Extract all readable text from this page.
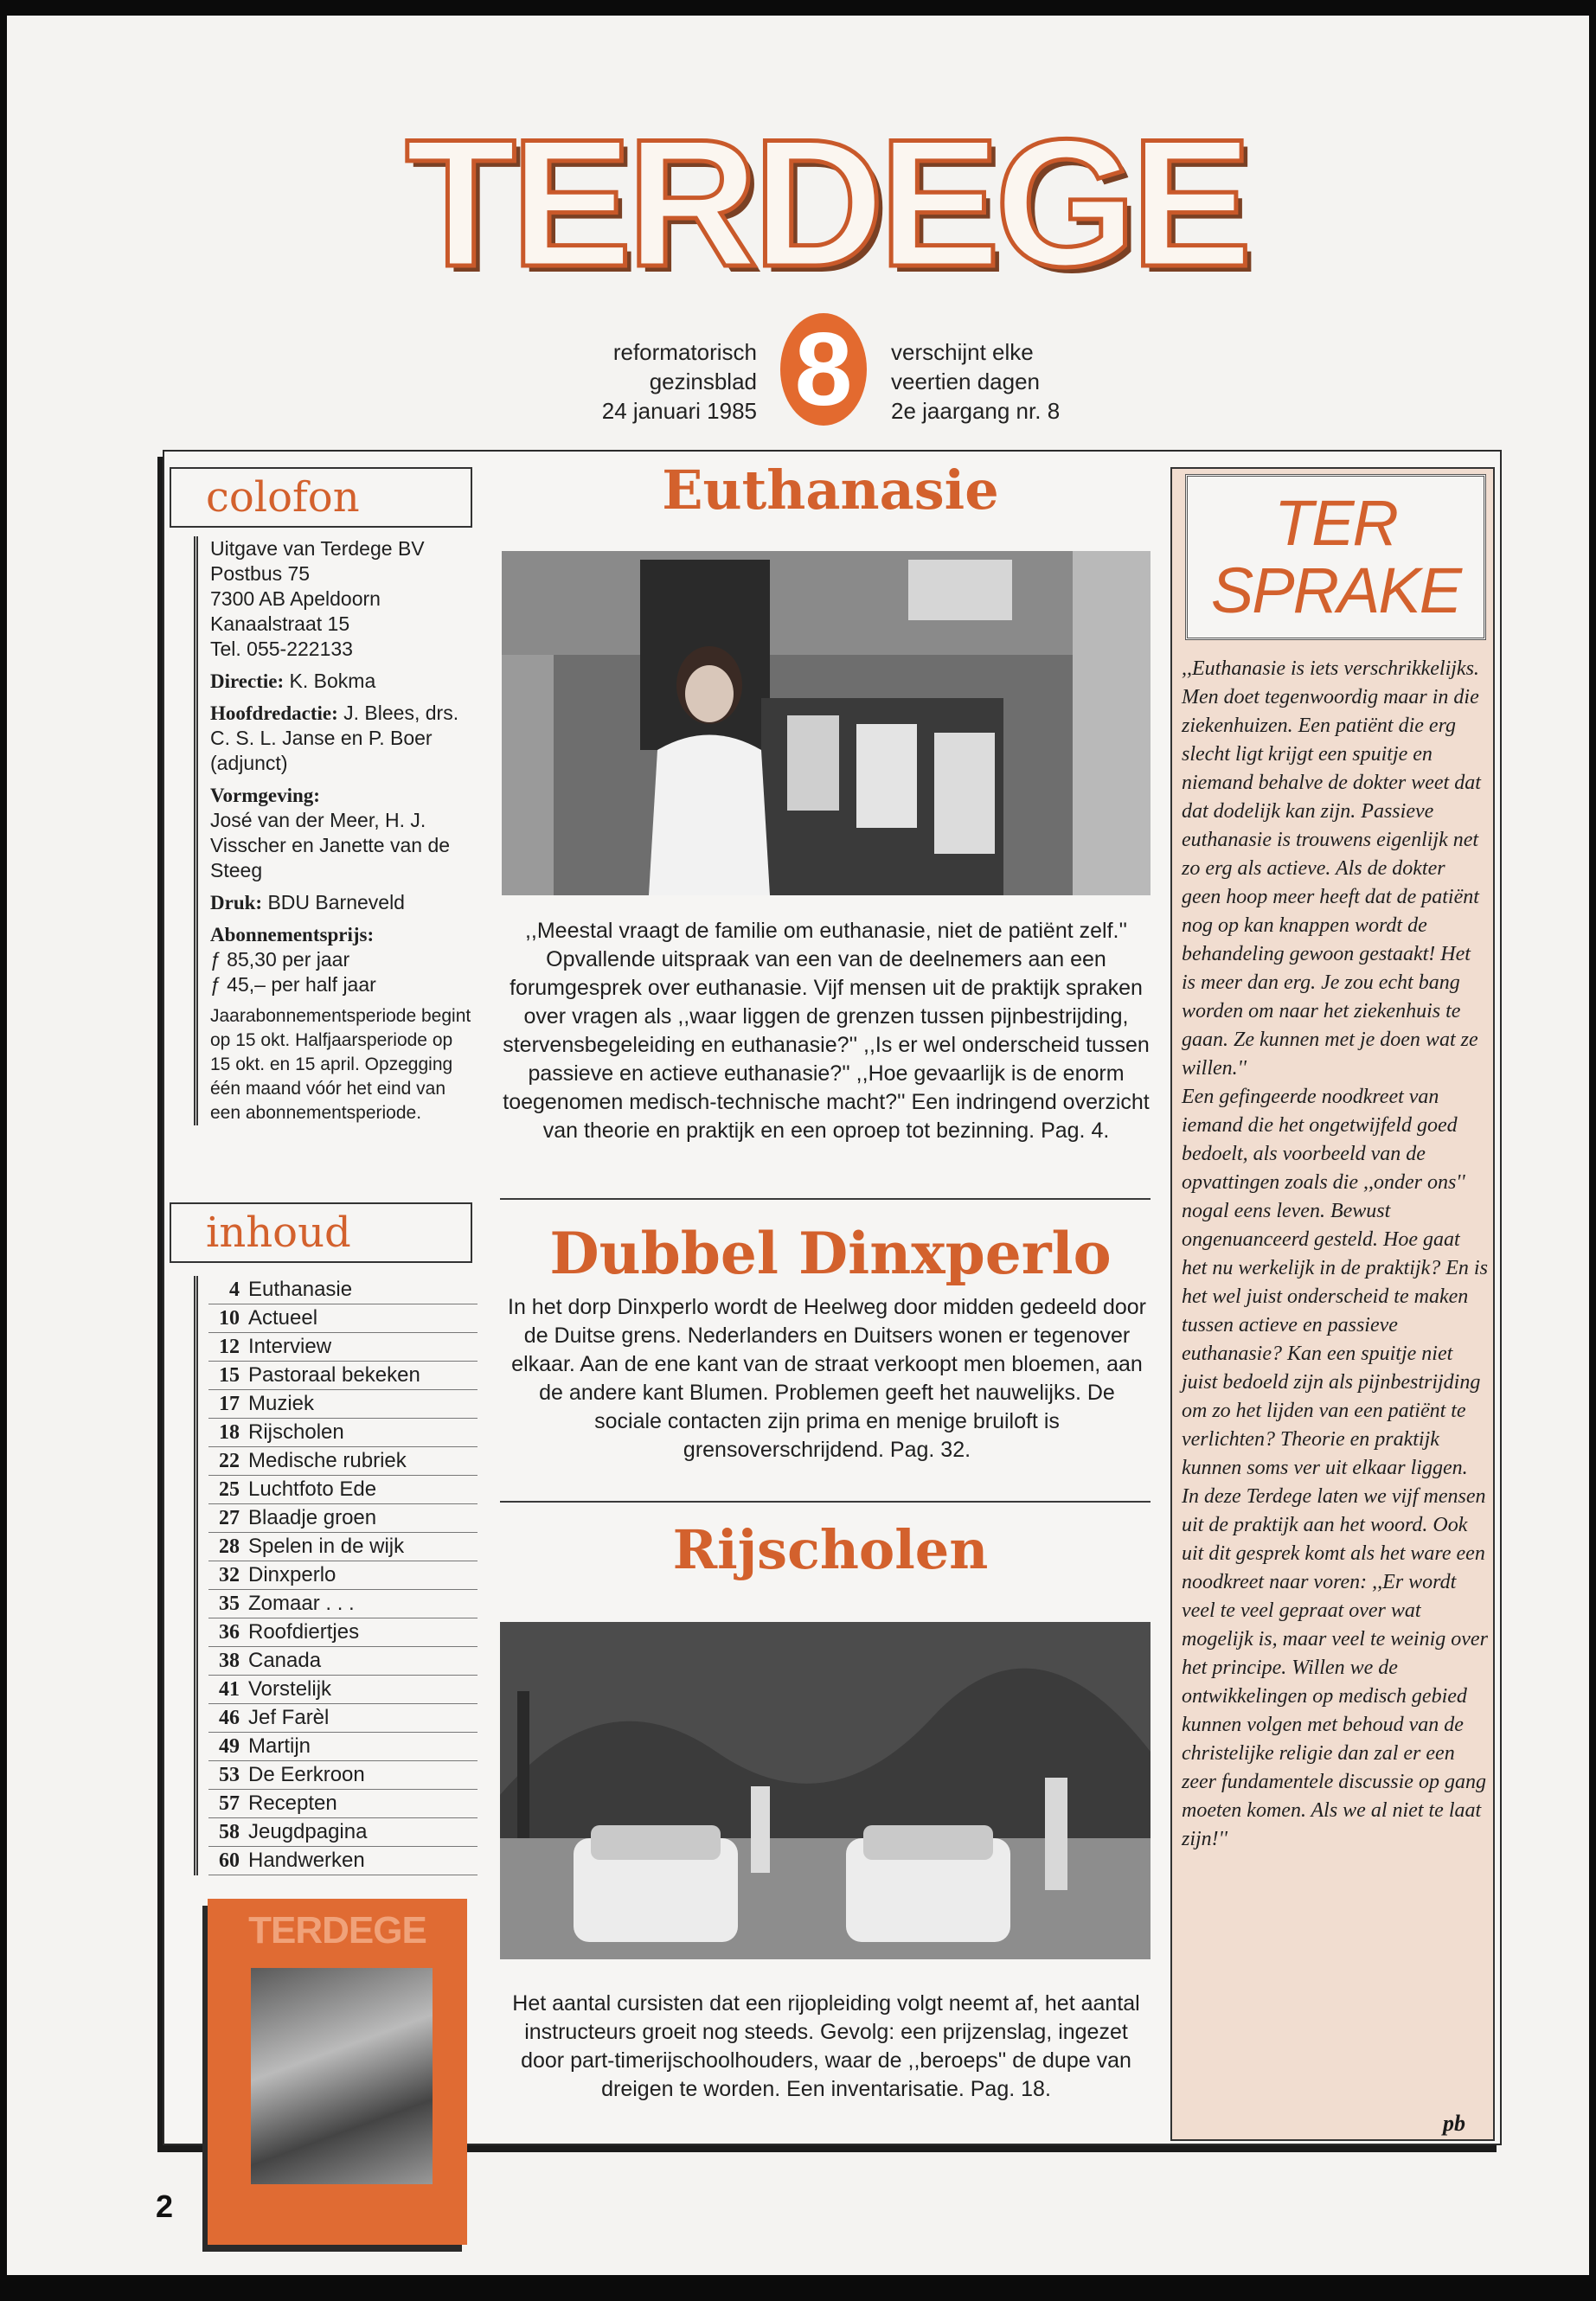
TERDEGE
reformatorisch
gezinsblad
24 januari 1985 8	verschijnt elke
veertien dagen
2e jaargang nr. 8
colofon
Uitgave van Terdege BV
Postbus 75
7300 AB Apeldoorn
Kanaalstraat 15
Tel. 055-222133
Directie: K. Bokma
Hoofdredactie: J. Blees, drs. C. S. L. Janse en P. Boer (adjunct)
Vormgeving:
José van der Meer, H. J. Visscher en Janette van de Steeg
Druk: BDU Barneveld
Abonnementsprijs:
ƒ 85,30 per jaar
ƒ 45,– per half jaar
Jaarabonnementsperiode begint op 15 okt. Halfjaarsperiode op 15 okt. en 15 april. Opzegging één maand vóór het eind van een abonnementsperiode.
inhoud
4 Euthanasie
10 Actueel
12 Interview
15 Pastoraal bekeken
17 Muziek
18 Rijscholen
22 Medische rubriek
25 Luchtfoto Ede
27 Blaadje groen
28 Spelen in de wijk
32 Dinxperlo
35 Zomaar . . .
36 Roofdiertjes
38 Canada
41 Vorstelijk
46 Jef Farèl
49 Martijn
53 De Eerkroon
57 Recepten
58 Jeugdpagina
60 Handwerken
TERDEGE
2
Euthanasie
,,Meestal vraagt de familie om euthanasie, niet de patiënt zelf.'' Opvallende uitspraak van een van de deelnemers aan een forumgesprek over euthanasie. Vijf mensen uit de praktijk spraken over vragen als ,,waar liggen de grenzen tussen pijnbestrijding, stervensbegeleiding en euthanasie?'' ,,Is er wel onderscheid tussen passieve en actieve euthanasie?'' ,,Hoe gevaarlijk is de enorm toegenomen medisch-technische macht?'' Een indringend overzicht van theorie en praktijk en een oproep tot bezinning. Pag. 4.
Dubbel Dinxperlo
In het dorp Dinxperlo wordt de Heelweg door midden gedeeld door de Duitse grens. Nederlanders en Duitsers wonen er tegenover elkaar. Aan de ene kant van de straat verkoopt men bloemen, aan de andere kant Blumen. Problemen geeft het nauwelijks. De sociale contacten zijn prima en menige bruiloft is grensoverschrijdend. Pag. 32.
Rijscholen
Het aantal cursisten dat een rijopleiding volgt neemt af, het aantal instructeurs groeit nog steeds. Gevolg: een prijzenslag, ingezet door part-timerijschoolhouders, waar de ,,beroeps'' de dupe van dreigen te worden. Een inventarisatie. Pag. 18.
TER
SPRAKE
,,Euthanasie is iets verschrikkelijks. Men doet tegenwoordig maar in die ziekenhuizen. Een patiënt die erg slecht ligt krijgt een spuitje en niemand behalve de dokter weet dat dat dodelijk kan zijn. Passieve euthanasie is trouwens eigenlijk net zo erg als actieve. Als de dokter geen hoop meer heeft dat de patiënt nog op kan knappen wordt de behandeling gewoon gestaakt! Het is meer dan erg. Je zou echt bang worden om naar het ziekenhuis te gaan. Ze kunnen met je doen wat ze willen.''
Een gefingeerde noodkreet van iemand die het ongetwijfeld goed bedoelt, als voorbeeld van de opvattingen zoals die ,,onder ons'' nogal eens leven. Bewust ongenuanceerd gesteld. Hoe gaat het nu werkelijk in de praktijk? En is het wel juist onderscheid te maken tussen actieve en passieve euthanasie? Kan een spuitje niet juist bedoeld zijn als pijnbestrijding om zo het lijden van een patiënt te verlichten? Theorie en praktijk kunnen soms ver uit elkaar liggen. In deze Terdege laten we vijf mensen uit de praktijk aan het woord. Ook uit dit gesprek komt als het ware een noodkreet naar voren: ,,Er wordt veel te veel gepraat over wat mogelijk is, maar veel te weinig over het principe. Willen we de ontwikkelingen op medisch gebied kunnen volgen met behoud van de christelijke religie dan zal er een zeer fundamentele discussie op gang moeten komen. Als we al niet te laat zijn!''
pb
